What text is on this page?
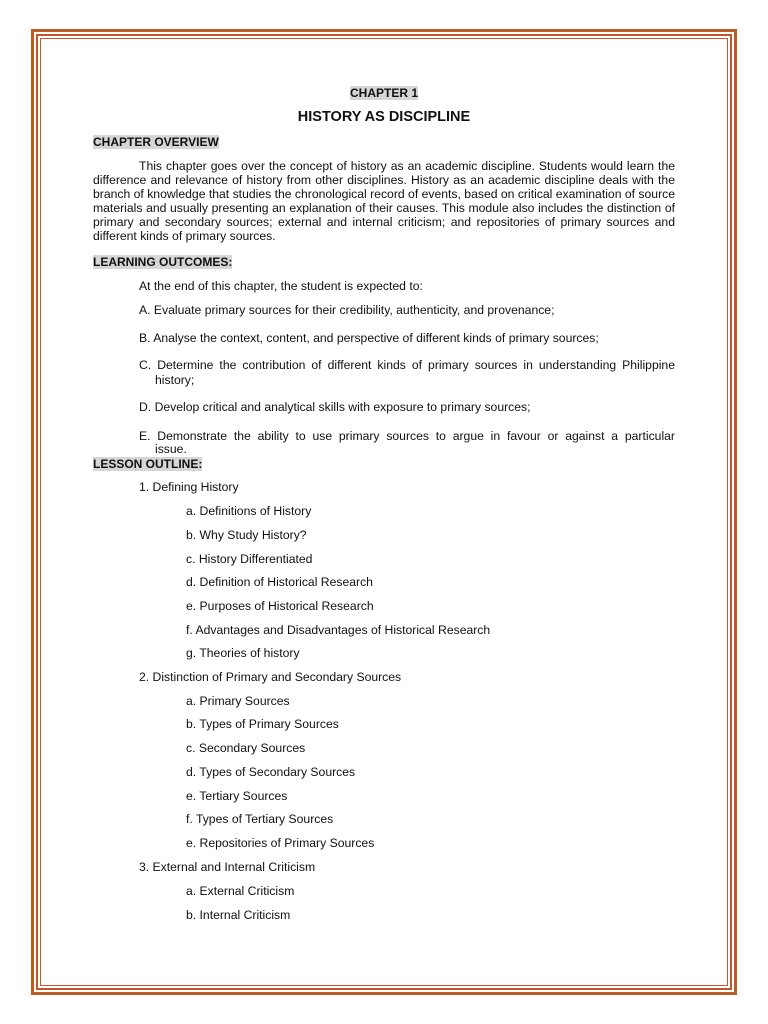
CHAPTER 1
HISTORY AS DISCIPLINE
CHAPTER OVERVIEW
This chapter goes over the concept of history as an academic discipline. Students would learn the difference and relevance of history from other disciplines. History as an academic discipline deals with the branch of knowledge that studies the chronological record of events, based on critical examination of source materials and usually presenting an explanation of their causes. This module also includes the distinction of primary and secondary sources; external and internal criticism; and repositories of primary sources and different kinds of primary sources.
LEARNING OUTCOMES:
At the end of this chapter, the student is expected to:
A. Evaluate primary sources for their credibility, authenticity, and provenance;
B. Analyse the context, content, and perspective of different kinds of primary sources;
C. Determine the contribution of different kinds of primary sources in understanding Philippine
history;
D. Develop critical and analytical skills with exposure to primary sources;
E. Demonstrate the ability to use primary sources to argue in favour or against a particular
issue.
LESSON OUTLINE:
1. Defining History
a. Definitions of History
b. Why Study History?
c. History Differentiated
d. Definition of Historical Research
e. Purposes of Historical Research
f. Advantages and Disadvantages of Historical Research
g. Theories of history
2. Distinction of Primary and Secondary Sources
a. Primary Sources
b. Types of Primary Sources
c. Secondary Sources
d. Types of Secondary Sources
e. Tertiary Sources
f. Types of Tertiary Sources
e. Repositories of Primary Sources
3. External and Internal Criticism
a. External Criticism
b. Internal Criticism
